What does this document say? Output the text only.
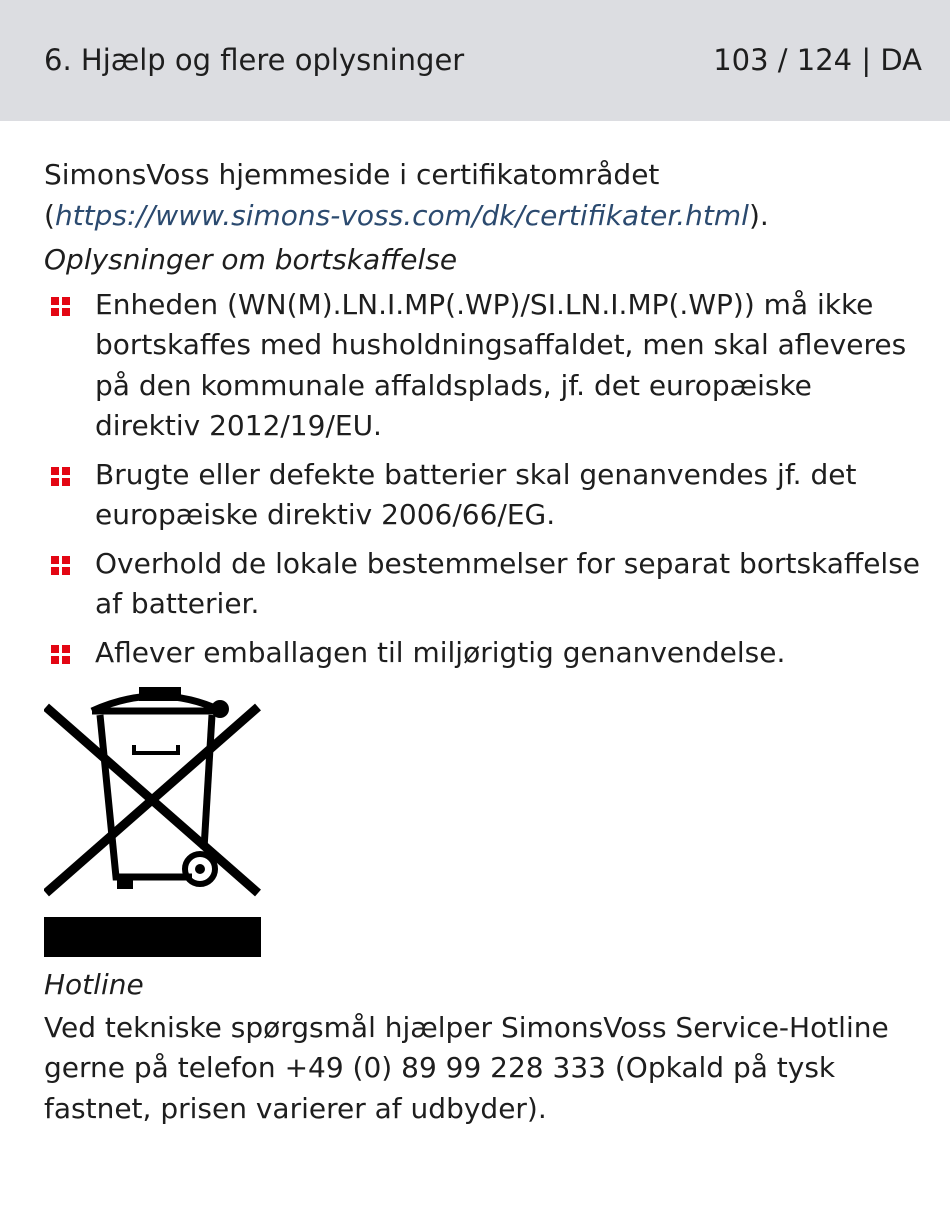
6. Hjælp og flere oplysninger	103 / 124 | DA

SimonsVoss hjemmeside i certifikatområdet (https://www.simons-voss.com/dk/certifikater.html).

Oplysninger om bortskaffelse
Enheden (WN(M).LN.I.MP(.WP)/SI.LN.I.MP(.WP)) må ikke bortskaffes med husholdningsaffaldet, men skal afleveres på den kommunale affaldsplads, jf. det europæiske direktiv 2012/19/EU.
Brugte eller defekte batterier skal genanvendes jf. det europæiske direktiv 2006/66/EG.
Overhold de lokale bestemmelser for separat bortskaffelse af batterier.
Aflever emballagen til miljørigtig genanvendelse.
Hotline

Ved tekniske spørgsmål hjælper SimonsVoss Service-Hotline gerne på telefon +49 (0) 89 99 228 333 (Opkald på tysk fastnet, prisen varierer af udbyder).
